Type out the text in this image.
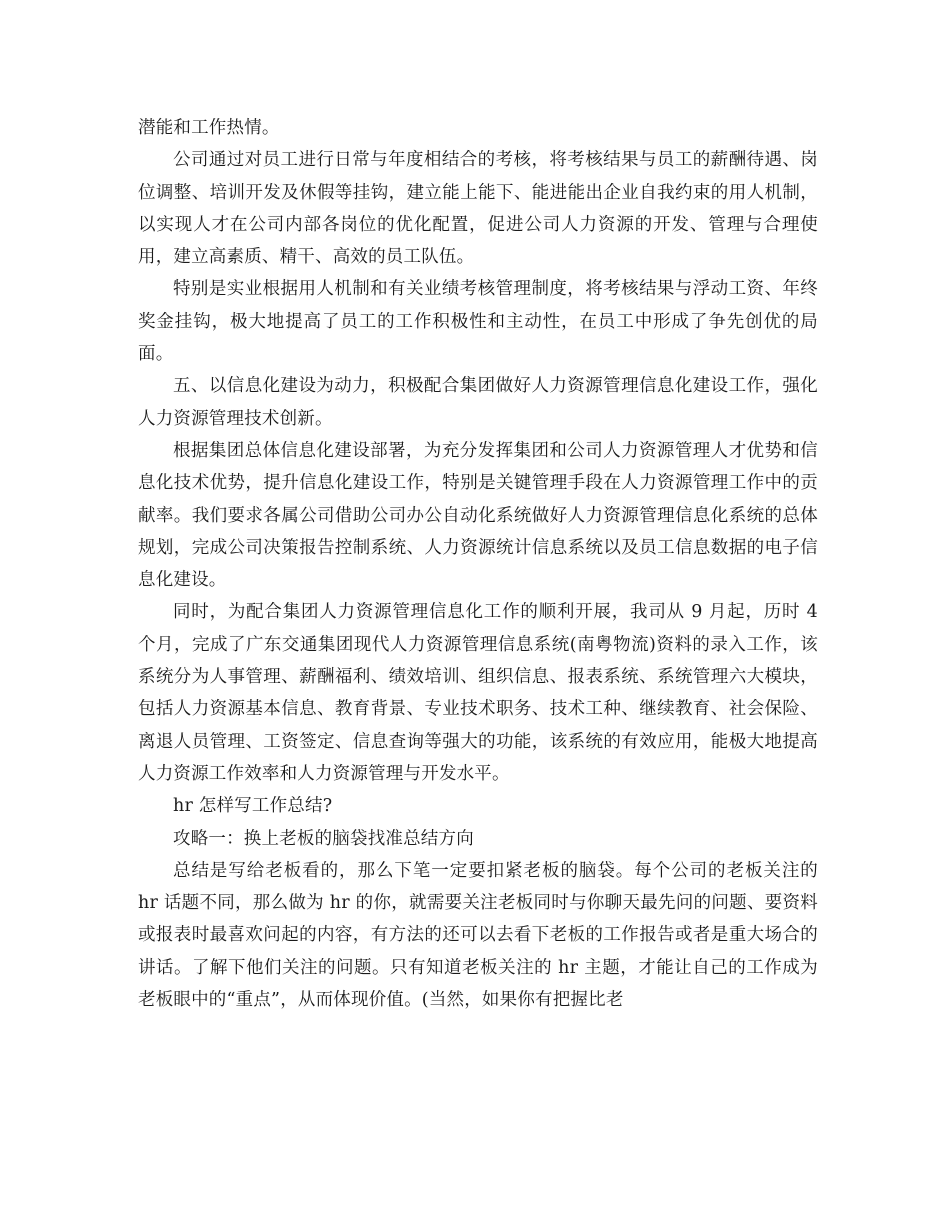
潜能和工作热情。

公司通过对员工进行日常与年度相结合的考核，将考核结果与员工的薪酬待遇、岗位调整、培训开发及休假等挂钩，建立能上能下、能进能出企业自我约束的用人机制，以实现人才在公司内部各岗位的优化配置，促进公司人力资源的开发、管理与合理使用，建立高素质、精干、高效的员工队伍。

特别是实业根据用人机制和有关业绩考核管理制度，将考核结果与浮动工资、年终奖金挂钩，极大地提高了员工的工作积极性和主动性，在员工中形成了争先创优的局面。

五、以信息化建设为动力，积极配合集团做好人力资源管理信息化建设工作，强化人力资源管理技术创新。

根据集团总体信息化建设部署，为充分发挥集团和公司人力资源管理人才优势和信息化技术优势，提升信息化建设工作，特别是关键管理手段在人力资源管理工作中的贡献率。我们要求各属公司借助公司办公自动化系统做好人力资源管理信息化系统的总体规划，完成公司决策报告控制系统、人力资源统计信息系统以及员工信息数据的电子信息化建设。

同时，为配合集团人力资源管理信息化工作的顺利开展，我司从 9 月起，历时 4 个月，完成了广东交通集团现代人力资源管理信息系统(南粤物流)资料的录入工作，该系统分为人事管理、薪酬福利、绩效培训、组织信息、报表系统、系统管理六大模块，包括人力资源基本信息、教育背景、专业技术职务、技术工种、继续教育、社会保险、离退人员管理、工资签定、信息查询等强大的功能，该系统的有效应用，能极大地提高人力资源工作效率和人力资源管理与开发水平。

hr 怎样写工作总结?

攻略一：换上老板的脑袋找准总结方向

总结是写给老板看的，那么下笔一定要扣紧老板的脑袋。每个公司的老板关注的 hr 话题不同，那么做为 hr 的你，就需要关注老板同时与你聊天最先问的问题、要资料或报表时最喜欢问起的内容，有方法的还可以去看下老板的工作报告或者是重大场合的讲话。了解下他们关注的问题。只有知道老板关注的 hr 主题，才能让自己的工作成为老板眼中的“重点”，从而体现价值。(当然，如果你有把握比老
